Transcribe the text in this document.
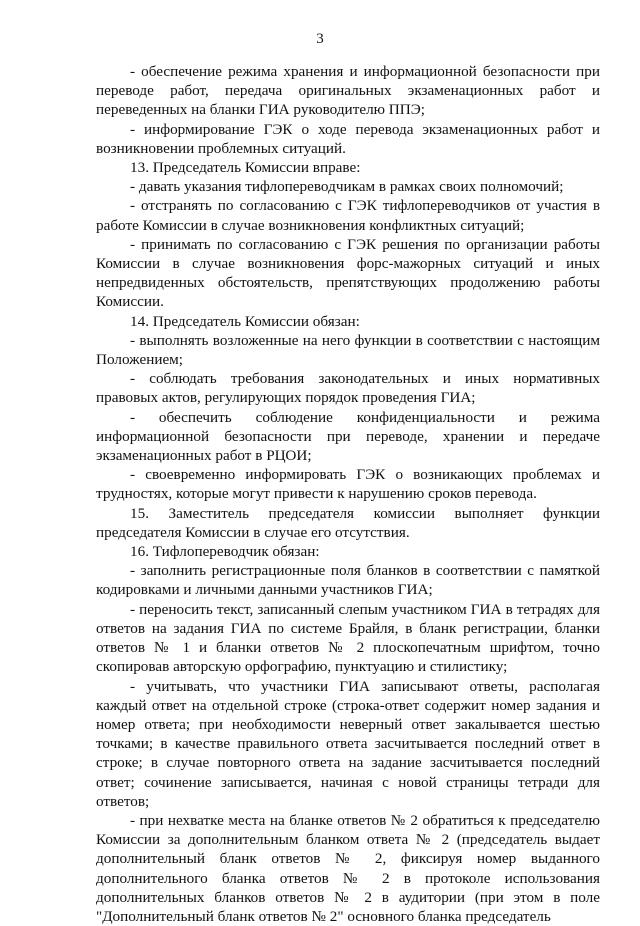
3

- обеспечение режима хранения и информационной безопасности при переводе работ, передача оригинальных экзаменационных работ и переведенных на бланки ГИА руководителю ППЭ;

- информирование ГЭК о ходе перевода экзаменационных работ и возникновении проблемных ситуаций.

13. Председатель Комиссии вправе:

- давать указания тифлопереводчикам в рамках своих полномочий;

- отстранять по согласованию с ГЭК тифлопереводчиков от участия в работе Комиссии в случае возникновения конфликтных ситуаций;

- принимать по согласованию с ГЭК решения по организации работы Комиссии в случае возникновения форс-мажорных ситуаций и иных непредвиденных обстоятельств, препятствующих продолжению работы Комиссии.

14. Председатель Комиссии обязан:

- выполнять возложенные на него функции в соответствии с настоящим Положением;

- соблюдать требования законодательных и иных нормативных правовых актов, регулирующих порядок проведения ГИА;

- обеспечить соблюдение конфиденциальности и режима информационной безопасности при переводе, хранении и передаче экзаменационных работ в РЦОИ;

- своевременно информировать ГЭК о возникающих проблемах и трудностях, которые могут привести к нарушению сроков перевода.

15. Заместитель председателя комиссии выполняет функции председателя Комиссии в случае его отсутствия.

16. Тифлопереводчик обязан:

- заполнить регистрационные поля бланков в соответствии с памяткой кодировками и личными данными участников ГИА;

- переносить текст, записанный слепым участником ГИА в тетрадях для ответов на задания ГИА по системе Брайля, в бланк регистрации, бланки ответов № 1 и бланки ответов № 2 плоскопечатным шрифтом, точно скопировав авторскую орфографию, пунктуацию и стилистику;

- учитывать, что участники ГИА записывают ответы, располагая каждый ответ на отдельной строке (строка-ответ содержит номер задания и номер ответа; при необходимости неверный ответ закалывается шестью точками; в качестве правильного ответа засчитывается последний ответ в строке; в случае повторного ответа на задание засчитывается последний ответ; сочинение записывается, начиная с новой страницы тетради для ответов;

- при нехватке места на бланке ответов № 2 обратиться к председателю Комиссии за дополнительным бланком ответа № 2 (председатель выдает дополнительный бланк ответов № 2, фиксируя номер выданного дополнительного бланка ответов № 2 в протоколе использования дополнительных бланков ответов № 2 в аудитории (при этом в поле "Дополнительный бланк ответов № 2" основного бланка председатель
